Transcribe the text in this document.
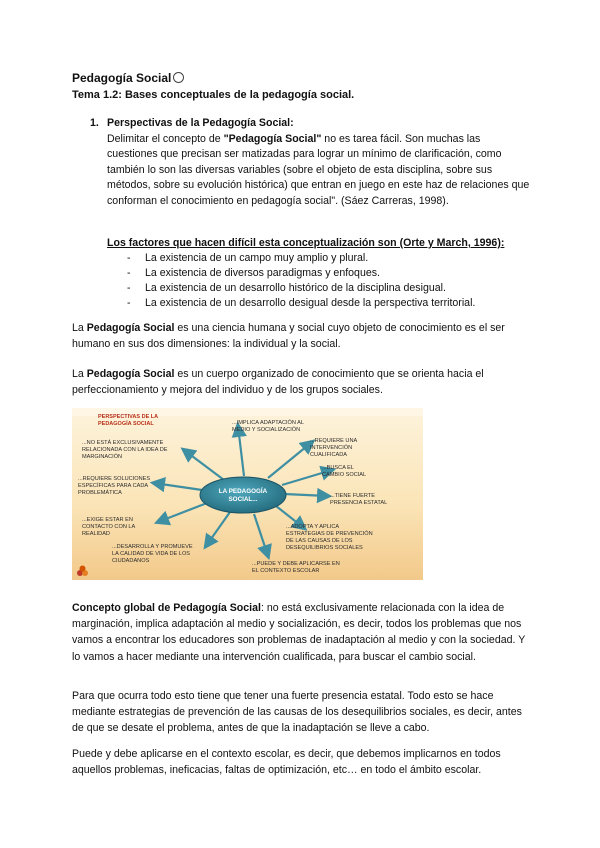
Pedagogía Social
Tema 1.2: Bases conceptuales de la pedagogía social.
1. Perspectivas de la Pedagogía Social:
Delimitar el concepto de "Pedagogía Social" no es tarea fácil. Son muchas las cuestiones que precisan ser matizadas para lograr un mínimo de clarificación, como también lo son las diversas variables (sobre el objeto de esta disciplina, sobre sus métodos, sobre su evolución histórica) que entran en juego en este haz de relaciones que conforman el conocimiento en pedagogía social". (Sáez Carreras, 1998).
Los factores que hacen difícil esta conceptualización son (Orte y March, 1996):
- La existencia de un campo muy amplio y plural.
- La existencia de diversos paradigmas y enfoques.
- La existencia de un desarrollo histórico de la disciplina desigual.
- La existencia de un desarrollo desigual desde la perspectiva territorial.
La Pedagogía Social es una ciencia humana y social cuyo objeto de conocimiento es el ser humano en sus dos dimensiones: la individual y la social.
La Pedagogía Social es un cuerpo organizado de conocimiento que se orienta hacia el perfeccionamiento y mejora del individuo y de los grupos sociales.
PERSPECTIVAS DE LA
PEDAGOGÍA SOCIAL
LA PEDAGOGÍA
SOCIAL...
...NO ESTÁ EXCLUSIVAMENTE
RELACIONADA CON LA IDEA DE
MARGINACIÓN
...REQUIERE SOLUCIONES
ESPECÍFICAS PARA CADA
PROBLEMÁTICA
...EXIGE ESTAR EN
CONTACTO CON LA
REALIDAD
...DESARROLLA Y PROMUEVE
LA CALIDAD DE VIDA DE LOS
CIUDADANOS
...IMPLICA ADAPTACIÓN AL
MEDIO Y SOCIALIZACIÓN
...REQUIERE UNA
INTERVENCIÓN
CUALIFICADA
...BUSCA EL
CAMBIO SOCIAL
...TIENE FUERTE
PRESENCIA ESTATAL
...ADOPTA Y APLICA
ESTRATEGIAS DE PREVENCIÓN
DE LAS CAUSAS DE LOS
DESEQUILIBRIOS SOCIALES
...PUEDE Y DEBE APLICARSE EN
EL CONTEXTO ESCOLAR
Concepto global de Pedagogía Social: no está exclusivamente relacionada con la idea de marginación, implica adaptación al medio y socialización, es decir, todos los problemas que nos vamos a encontrar los educadores son problemas de inadaptación al medio y con la sociedad. Y lo vamos a hacer mediante una intervención cualificada, para buscar el cambio social.
Para que ocurra todo esto tiene que tener una fuerte presencia estatal. Todo esto se hace mediante estrategias de prevención de las causas de los desequilibrios sociales, es decir, antes de que se desate el problema, antes de que la inadaptación se lleve a cabo.
Puede y debe aplicarse en el contexto escolar, es decir, que debemos implicarnos en todos aquellos problemas, ineficacias, faltas de optimización, etc… en todo el ámbito escolar.
